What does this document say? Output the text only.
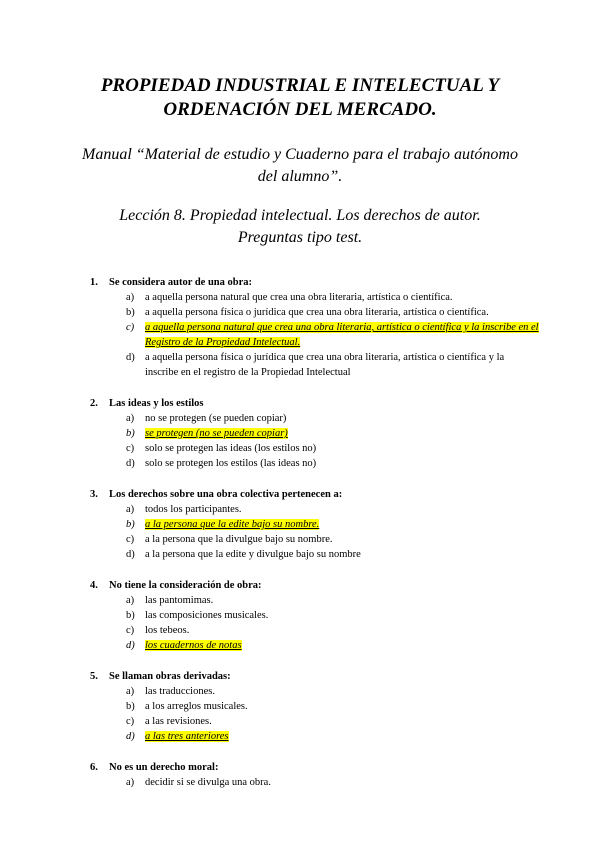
PROPIEDAD INDUSTRIAL E INTELECTUAL Y
ORDENACIÓN DEL MERCADO.
Manual “Material de estudio y Cuaderno para el trabajo autónomo
del alumno”.
Lección 8. Propiedad intelectual. Los derechos de autor.
Preguntas tipo test.
1. Se considera autor de una obra:
a) a aquella persona natural que crea una obra literaria, artística o científica.
b) a aquella persona física o jurídica que crea una obra literaria, artística o científica.
c) a aquella persona natural que crea una obra literaria, artística o científica y la inscribe en el Registro de la Propiedad Intelectual.
d) a aquella persona física o jurídica que crea una obra literaria, artística o científica y la inscribe en el registro de la Propiedad Intelectual
2. Las ideas y los estilos
a) no se protegen (se pueden copiar)
b) se protegen (no se pueden copiar)
c) solo se protegen las ideas (los estilos no)
d) solo se protegen los estilos (las ideas no)
3. Los derechos sobre una obra colectiva pertenecen a:
a) todos los participantes.
b) a la persona que la edite bajo su nombre.
c) a la persona que la divulgue bajo su nombre.
d) a la persona que la edite y divulgue bajo su nombre
4. No tiene la consideración de obra:
a) las pantomimas.
b) las composiciones musicales.
c) los tebeos.
d) los cuadernos de notas
5. Se llaman obras derivadas:
a) las traducciones.
b) a los arreglos musicales.
c) a las revisiones.
d) a las tres anteriores
6. No es un derecho moral:
a) decidir si se divulga una obra.
